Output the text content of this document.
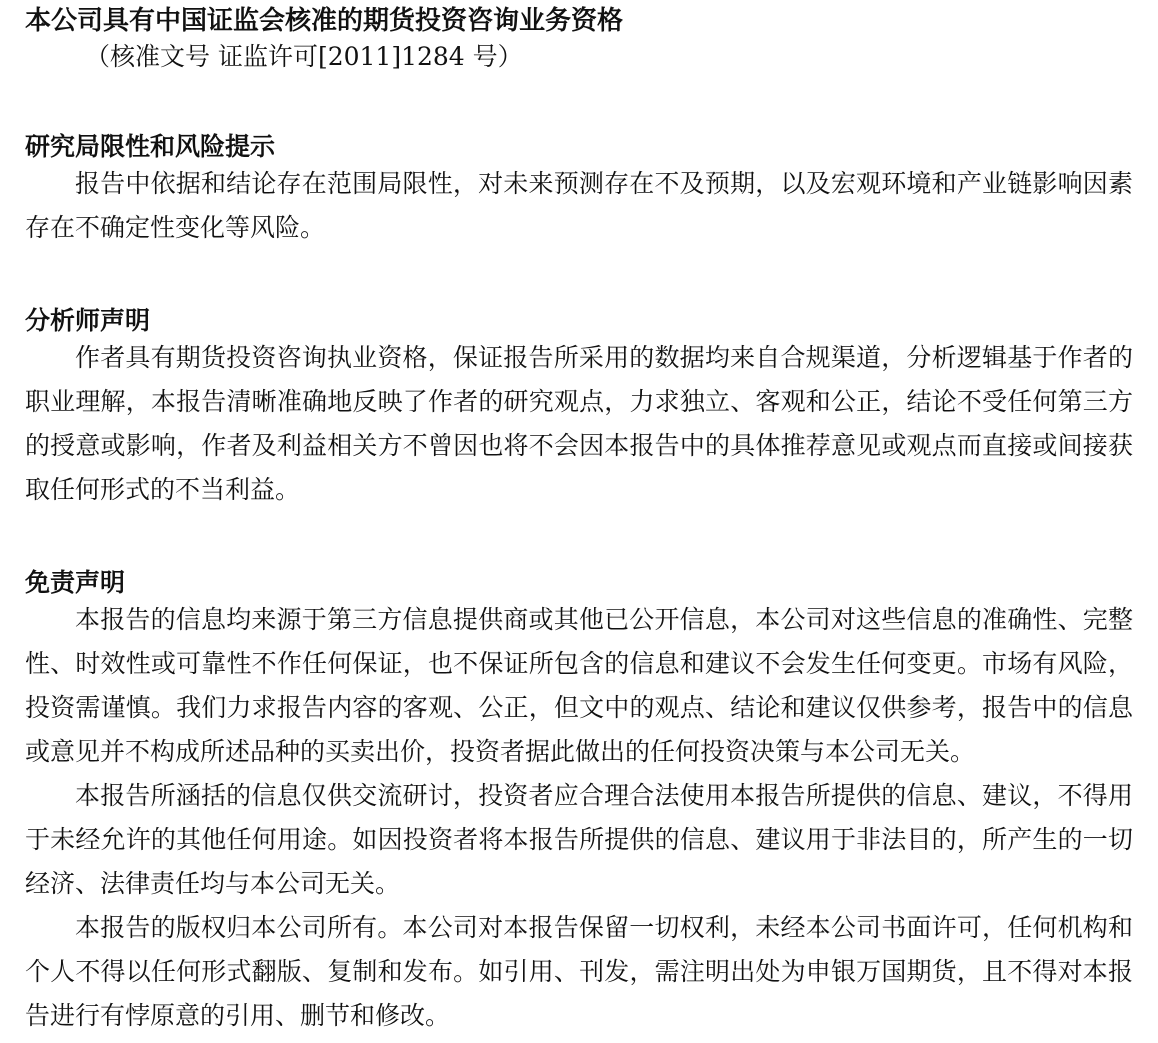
本公司具有中国证监会核准的期货投资咨询业务资格

（核准文号 证监许可[2011]1284 号）

研究局限性和风险提示

报告中依据和结论存在范围局限性，对未来预测存在不及预期，以及宏观环境和产业链影响因素存在不确定性变化等风险。

分析师声明

作者具有期货投资咨询执业资格，保证报告所采用的数据均来自合规渠道，分析逻辑基于作者的职业理解，本报告清晰准确地反映了作者的研究观点，力求独立、客观和公正，结论不受任何第三方的授意或影响，作者及利益相关方不曾因也将不会因本报告中的具体推荐意见或观点而直接或间接获取任何形式的不当利益。

免责声明

本报告的信息均来源于第三方信息提供商或其他已公开信息，本公司对这些信息的准确性、完整性、时效性或可靠性不作任何保证，也不保证所包含的信息和建议不会发生任何变更。市场有风险，投资需谨慎。我们力求报告内容的客观、公正，但文中的观点、结论和建议仅供参考，报告中的信息或意见并不构成所述品种的买卖出价，投资者据此做出的任何投资决策与本公司无关。

本报告所涵括的信息仅供交流研讨，投资者应合理合法使用本报告所提供的信息、建议，不得用于未经允许的其他任何用途。如因投资者将本报告所提供的信息、建议用于非法目的，所产生的一切经济、法律责任均与本公司无关。

本报告的版权归本公司所有。本公司对本报告保留一切权利，未经本公司书面许可，任何机构和个人不得以任何形式翻版、复制和发布。如引用、刊发，需注明出处为申银万国期货，且不得对本报告进行有悖原意的引用、删节和修改。
